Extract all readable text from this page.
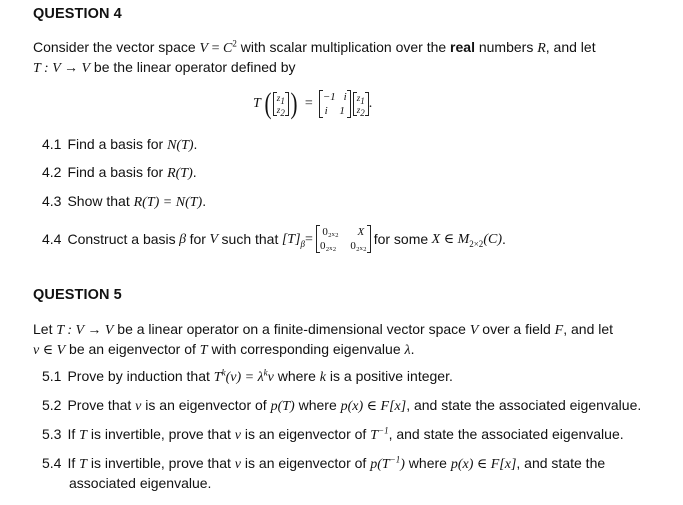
QUESTION 4
Consider the vector space $V = C^2$ with scalar multiplication over the real numbers R, and let
T : V → V be the linear operator defined by
T ( $z_1$
$z_2$ ) = −1 i
i 1
$z_1$
$z_2$
.
4.1 Find a basis for N(T).
4.2 Find a basis for R(T).
4.3 Show that R(T) = N(T).
4.4 Construct a basis β for V such that $[T]_\beta = 0_{2x2}$ X
0₂ₓ₂ 0₂ₓ₂ for some X ∈ $M_{2\times 2}(C)$ .
QUESTION 5
Let T : V → V be a linear operator on a finite-dimensional vector space V over a field F, and let
v ∈ V be an eigenvector of T with corresponding eigenvalue λ.
5.1 Prove by induction that $T^k(v) = \lambda^kv$ where k is a positive integer.
5.2 Prove that v is an eigenvector of p(T) where p(x) ∈ F[x], and state the associated eigenvalue.
5.3 If T is invertible, prove that v is an eigenvector of $T^{-1}$, and state the associated eigenvalue.
5.4 If T is invertible, prove that v is an eigenvector of $p(T^{-1})$ where p(x) ∈ F[x], and state the
associated eigenvalue.
